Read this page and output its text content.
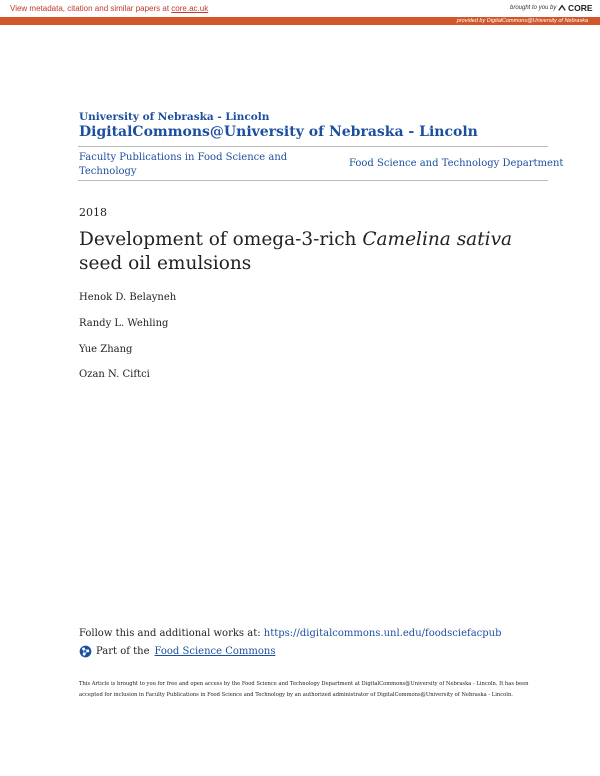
View metadata, citation and similar papers at core.ac.uk	brought to you by CORE
provided by DigitalCommons@University of Nebraska
University of Nebraska - Lincoln
DigitalCommons@University of Nebraska - Lincoln
Faculty Publications in Food Science and Technology
Food Science and Technology Department
2018
Development of omega-3-rich Camelina sativa seed oil emulsions
Henok D. Belayneh
Randy L. Wehling
Yue Zhang
Ozan N. Ciftci
Follow this and additional works at: https://digitalcommons.unl.edu/foodsciefacpub
Part of the Food Science Commons
This Article is brought to you for free and open access by the Food Science and Technology Department at DigitalCommons@University of Nebraska - Lincoln. It has been accepted for inclusion in Faculty Publications in Food Science and Technology by an authorized administrator of DigitalCommons@University of Nebraska - Lincoln.
